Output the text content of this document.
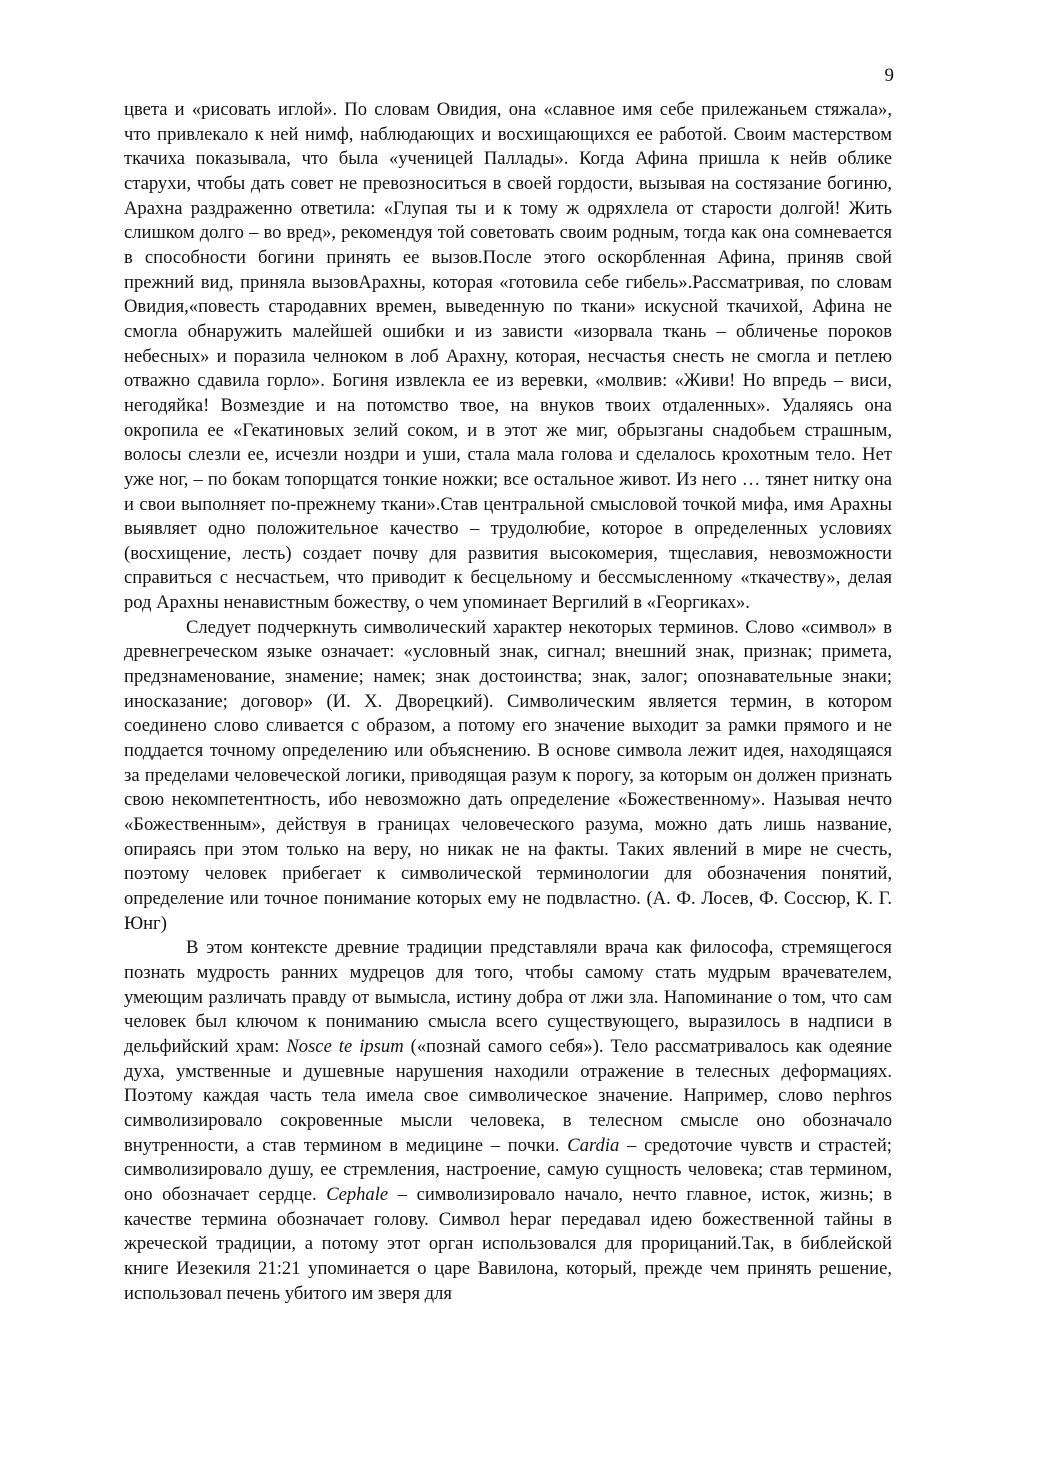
9

цвета и «рисовать иглой». По словам Овидия, она «славное имя себе прилежаньем стяжала», что привлекало к ней нимф, наблюдающих и восхищающихся ее работой. Своим мастерством ткачиха показывала, что была «ученицей Паллады». Когда Афина пришла к нейв облике старухи, чтобы дать совет не превозноситься в своей гордости, вызывая на состязание богиню, Арахна раздраженно ответила: «Глупая ты и к тому ж одряхлела от старости долгой! Жить слишком долго – во вред», рекомендуя той советовать своим родным, тогда как она сомневается в способности богини принять ее вызов.После этого оскорбленная Афина, приняв свой прежний вид, приняла вызовАрахны, которая «готовила себе гибель».Рассматривая, по словам Овидия,«повесть стародавних времен, выведенную по ткани» искусной ткачихой, Афина не смогла обнаружить малейшей ошибки и из зависти «изорвала ткань – обличенье пороков небесных» и поразила челноком в лоб Арахну, которая, несчастья снесть не смогла и петлею отважно сдавила горло». Богиня извлекла ее из веревки, «молвив: «Живи! Но впредь – виси, негодяйка! Возмездие и на потомство твое, на внуков твоих отдаленных». Удаляясь она окропила ее «Гекатиновых зелий соком, и в этот же миг, обрызганы снадобьем страшным, волосы слезли ее, исчезли ноздри и уши, стала мала голова и сделалось крохотным тело. Нет уже ног, – по бокам топорщатся тонкие ножки; все остальное живот. Из него … тянет нитку она и свои выполняет по-прежнему ткани».Став центральной смысловой точкой мифа, имя Арахны выявляет одно положительное качество – трудолюбие, которое в определенных условиях (восхищение, лесть) создает почву для развития высокомерия, тщеславия, невозможности справиться с несчастьем, что приводит к бесцельному и бессмысленному «ткачеству», делая род Арахны ненавистным божеству, о чем упоминает Вергилий в «Георгиках».

Следует подчеркнуть символический характер некоторых терминов. Слово «символ» в древнегреческом языке означает: «условный знак, сигнал; внешний знак, признак; примета, предзнаменование, знамение; намек; знак достоинства; знак, залог; опознавательные знаки; иносказание; договор» (И. Х. Дворецкий). Символическим является термин, в котором соединено слово сливается с образом, а потому его значение выходит за рамки прямого и не поддается точному определению или объяснению. В основе символа лежит идея, находящаяся за пределами человеческой логики, приводящая разум к порогу, за которым он должен признать свою некомпетентность, ибо невозможно дать определение «Божественному». Называя нечто «Божественным», действуя в границах человеческого разума, можно дать лишь название, опираясь при этом только на веру, но никак не на факты. Таких явлений в мире не счесть, поэтому человек прибегает к символической терминологии для обозначения понятий, определение или точное понимание которых ему не подвластно. (А. Ф. Лосев, Ф. Соссюр, К. Г. Юнг)

В этом контексте древние традиции представляли врача как философа, стремящегося познать мудрость ранних мудрецов для того, чтобы самому стать мудрым врачевателем, умеющим различать правду от вымысла, истину добра от лжи зла. Напоминание о том, что сам человек был ключом к пониманию смысла всего существующего, выразилось в надписи в дельфийский храм: Nosce te ipsum («познай самого себя»). Тело рассматривалось как одеяние духа, умственные и душевные нарушения находили отражение в телесных деформациях. Поэтому каждая часть тела имела свое символическое значение. Например, слово nephros символизировало сокровенные мысли человека, в телесном смысле оно обозначало внутренности, а став термином в медицине – почки. Cardia – средоточие чувств и страстей; символизировало душу, ее стремления, настроение, самую сущность человека; став термином, оно обозначает сердце. Cephale – символизировало начало, нечто главное, исток, жизнь; в качестве термина обозначает голову. Символ hepar передавал идею божественной тайны в жреческой традиции, а потому этот орган использовался для прорицаний.Так, в библейской книге Иезекиля 21:21 упоминается о царе Вавилона, который, прежде чем принять решение, использовал печень убитого им зверя для
